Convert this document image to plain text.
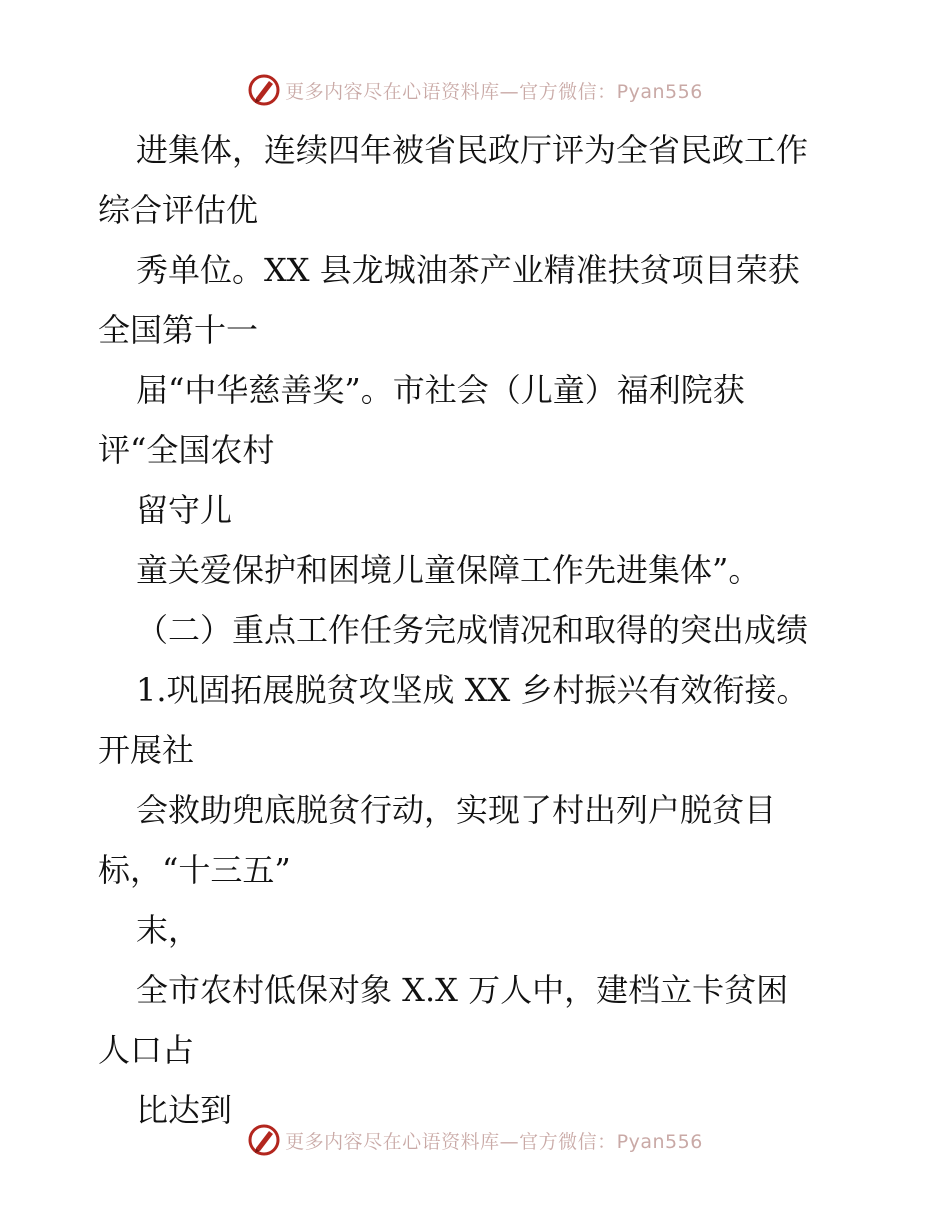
更多内容尽在心语资料库—官方微信：Pyan556

进集体，连续四年被省民政厅评为全省民政工作

综合评估优

秀单位。XX 县龙城油茶产业精准扶贫项目荣获

全国第十一

届“中华慈善奖”。市社会（儿童）福利院获

评“全国农村

留守儿

童关爱保护和困境儿童保障工作先进集体”。

（二）重点工作任务完成情况和取得的突出成绩

1.巩固拓展脱贫攻坚成 XX 乡村振兴有效衔接。

开展社

会救助兜底脱贫行动，实现了村出列户脱贫目

标，“十三五”

末，

全市农村低保对象 X.X 万人中，建档立卡贫困

人口占

比达到

更多内容尽在心语资料库—官方微信：Pyan556
